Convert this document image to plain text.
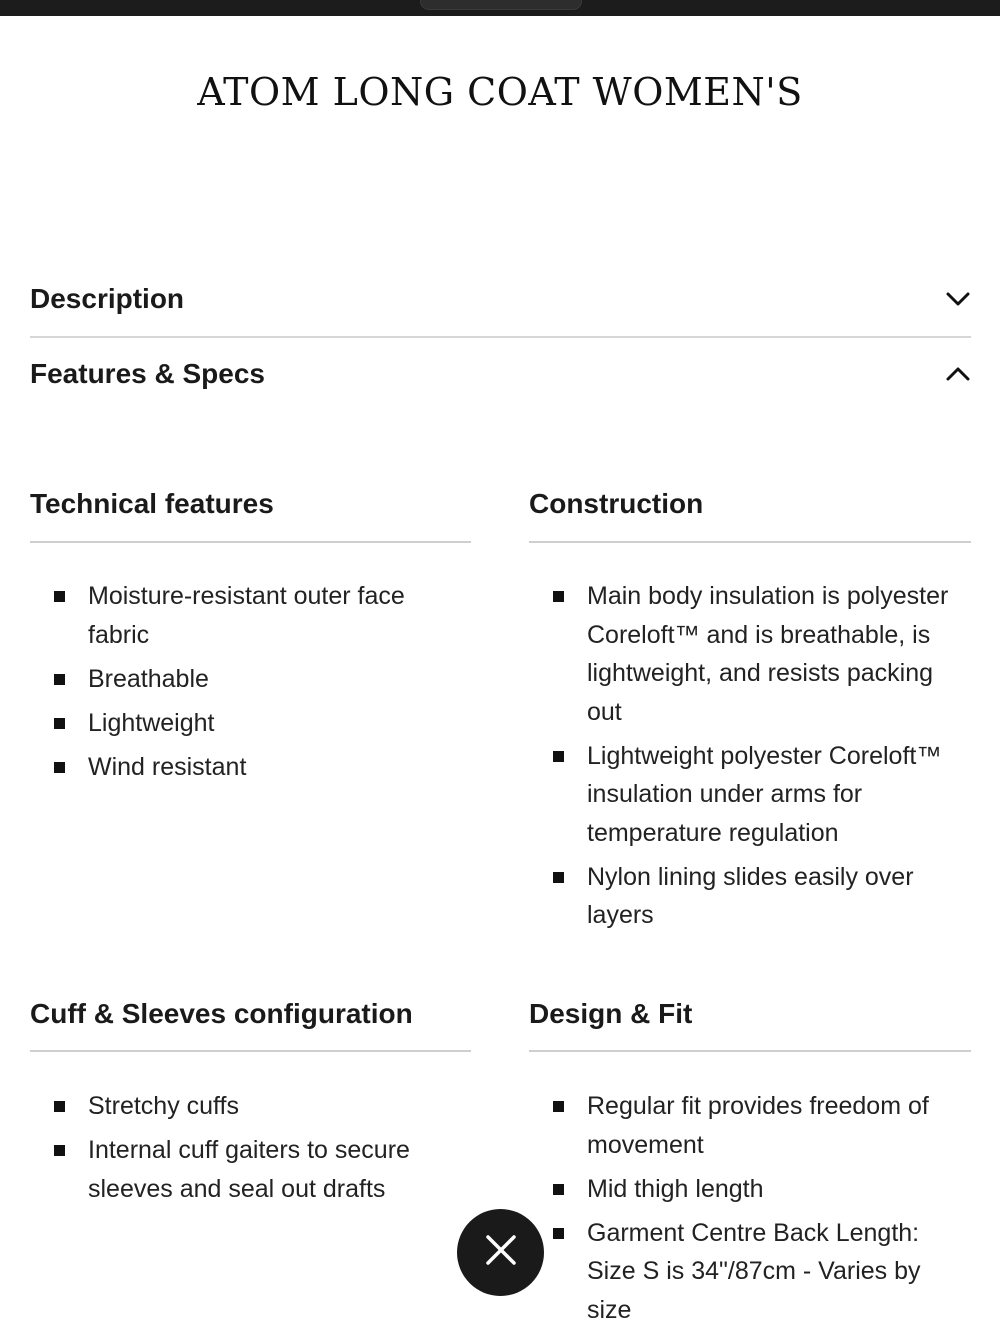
ATOM LONG COAT WOMEN'S
Description
Features & Specs
Technical features
Moisture-resistant outer face fabric
Breathable
Lightweight
Wind resistant
Construction
Main body insulation is polyester Coreloft™ and is breathable, is lightweight, and resists packing out
Lightweight polyester Coreloft™ insulation under arms for temperature regulation
Nylon lining slides easily over layers
Cuff & Sleeves configuration
Stretchy cuffs
Internal cuff gaiters to secure sleeves and seal out drafts
Design & Fit
Regular fit provides freedom of movement
Mid thigh length
Garment Centre Back Length: Size S is 34"/87cm - Varies by size
